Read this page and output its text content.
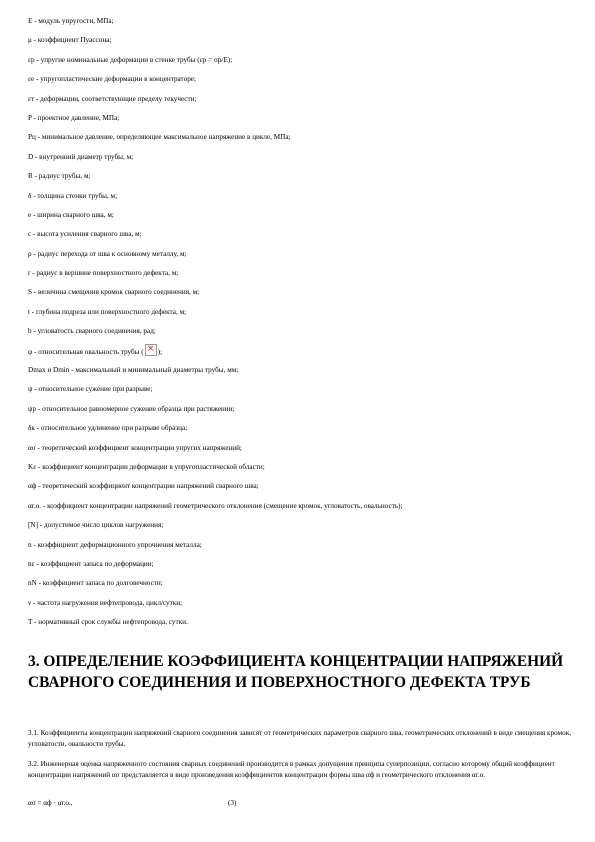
E - модуль упругости, МПа;
μ - коэффициент Пуассона;
εр - упругие номинальные деформации в стенке трубы (εр = σр/E);
εе - упругопластические деформации в концентраторе;
εт - деформации, соответствующие пределу текучести;
P - проектное давление, МПа;
Pц - минимальное давление, определяющее максимальное напряжение в цикле, МПа;
D - внутренний диаметр трубы, м;
R - радиус трубы, м;
δ - толщина стенки трубы, м;
e - ширина сварного шва, м;
c - высота усиления сварного шва, м;
ρ - радиус перехода от шва к основному металлу, м;
r - радиус в вершине поверхностного дефекта, м;
S - величина смещения кромок сварного соединения, м;
t - глубина подреза или поверхностного дефекта, м;
b - угловатость сварного соединения, рад;
φ - относительная овальность трубы (× );
Dmax и Dmin - максимальный и минимальный диаметры трубы, мм;
ψ - относительное сужение при разрыве;
ψр - относительное равномерное сужение образца при растяжении;
δк - относительное удлинение при разрыве образца;
ασ - теоретический коэффициент концентрации упругих напряжений;
Kε - коэффициент концентрации деформации в упругопластической области;
αф - теоретический коэффициент концентрации напряжений сварного шва;
αг.о. - коэффициент концентрации напряжений геометрического отклонения (смещение кромок, угловатость, овальность);
[N] - допустимое число циклов нагружения;
n - коэффициент деформационного упрочнения металла;
nε - коэффициент запаса по деформации;
nN - коэффициент запаса по долговечности;
ν - частота нагружения нефтепровода, цикл/сутки;
T - нормативный срок службы нефтепровода, сутки.
3. ОПРЕДЕЛЕНИЕ КОЭФФИЦИЕНТА КОНЦЕНТРАЦИИ НАПРЯЖЕНИЙ СВАРНОГО СОЕДИНЕНИЯ И ПОВЕРХНОСТНОГО ДЕФЕКТА ТРУБ

3.1. Коэффициенты концентрации напряжений сварного соединения зависят от геометрических параметров сварного шва, геометрических отклонений в виде смещения кромок, угловатости, овальности трубы.

3.2. Инженерная оценка напряженного состояния сварных соединений производится в рамках допущения принципа суперпозиции, согласно которому общий коэффициент концентрации напряжений ασ представляется в виде произведения коэффициентов концентрации формы шва αф и геометрического отклонения αг.о.

ασ = αф · αг.о.,	(3)
